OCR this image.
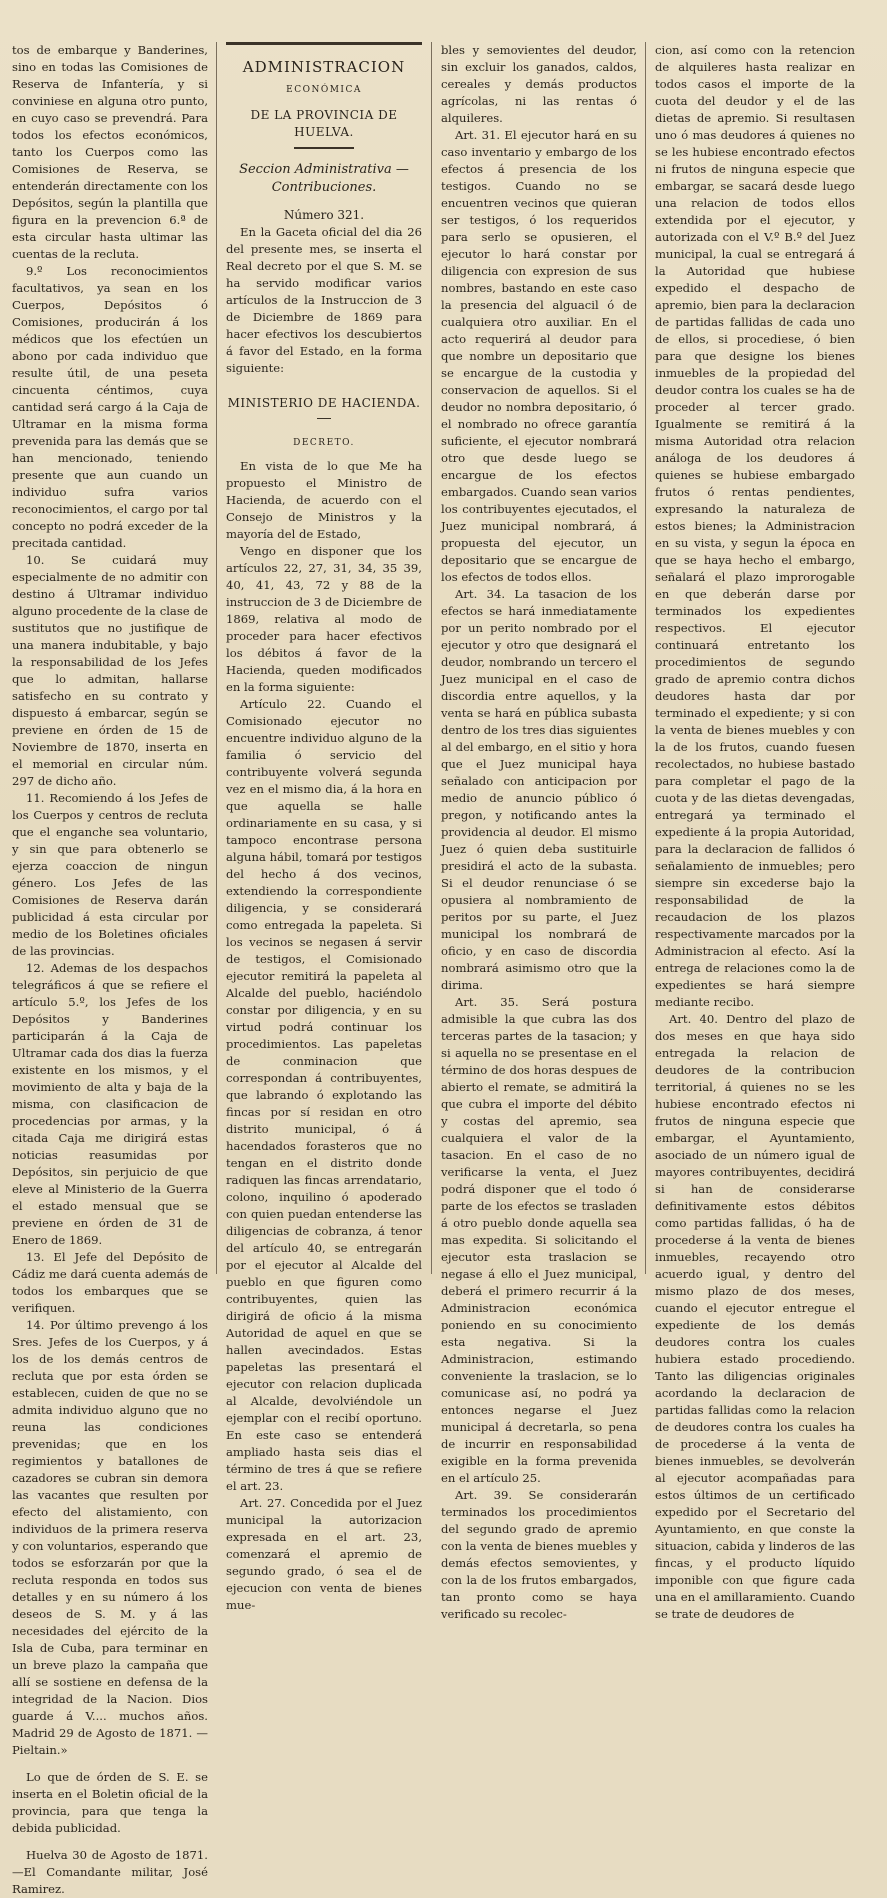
tos de embarque y Banderines, sino en todas las Comisiones de Reserva de Infantería, y si conviniese en alguna otro punto, en cuyo caso se prevendrá. Para todos los efectos económicos, tanto los Cuerpos como las Comisiones de Reserva, se entenderán directamente con los Depósitos, según la plantilla que figura en la prevencion 6.ª de esta circular hasta ultimar las cuentas de la recluta.

9.º Los reconocimientos facultativos, ya sean en los Cuerpos, Depósitos ó Comisiones, producirán á los médicos que los efectúen un abono por cada individuo que resulte útil, de una peseta cincuenta céntimos, cuya cantidad será cargo á la Caja de Ultramar en la misma forma prevenida para las demás que se han mencionado, teniendo presente que aun cuando un individuo sufra varios reconocimientos, el cargo por tal concepto no podrá exceder de la precitada cantidad.

10. Se cuidará muy especialmente de no admitir con destino á Ultramar individuo alguno procedente de la clase de sustitutos que no justifique de una manera indubitable, y bajo la responsabilidad de los Jefes que lo admitan, hallarse satisfecho en su contrato y dispuesto á embarcar, según se previene en órden de 15 de Noviembre de 1870, inserta en el memorial en circular núm. 297 de dicho año.

11. Recomiendo á los Jefes de los Cuerpos y centros de recluta que el enganche sea voluntario, y sin que para obtenerlo se ejerza coaccion de ningun género. Los Jefes de las Comisiones de Reserva darán publicidad á esta circular por medio de los Boletines oficiales de las provincias.

12. Ademas de los despachos telegráficos á que se refiere el artículo 5.º, los Jefes de los Depósitos y Banderines participarán á la Caja de Ultramar cada dos dias la fuerza existente en los mismos, y el movimiento de alta y baja de la misma, con clasificacion de procedencias por armas, y la citada Caja me dirigirá estas noticias reasumidas por Depósitos, sin perjuicio de que eleve al Ministerio de la Guerra el estado mensual que se previene en órden de 31 de Enero de 1869.

13. El Jefe del Depósito de Cádiz me dará cuenta además de todos los embarques que se verifiquen.

14. Por último prevengo á los Sres. Jefes de los Cuerpos, y á los de los demás centros de recluta que por esta órden se establecen, cuiden de que no se admita individuo alguno que no reuna las condiciones prevenidas; que en los regimientos y batallones de cazadores se cubran sin demora las vacantes que resulten por efecto del alistamiento, con individuos de la primera reserva y con voluntarios, esperando que todos se esforzarán por que la recluta responda en todos sus detalles y en su número á los deseos de S. M. y á las necesidades del ejército de la Isla de Cuba, para terminar en un breve plazo la campaña que allí se sostiene en defensa de la integridad de la Nacion. Dios guarde á V.... muchos años. Madrid 29 de Agosto de 1871. —Pieltain.»

Lo que de órden de S. E. se inserta en el Boletin oficial de la provincia, para que tenga la debida publicidad.

Huelva 30 de Agosto de 1871.—El Comandante militar, José Ramirez.

ADMINISTRACION

ECONÓMICA

DE LA PROVINCIA DE HUELVA.

Seccion Administrativa —Contribuciones.

Número 321.

En la Gaceta oficial del dia 26 del presente mes, se inserta el Real decreto por el que S. M. se ha servido modificar varios artículos de la Instruccion de 3 de Diciembre de 1869 para hacer efectivos los descubiertos á favor del Estado, en la forma siguiente:

MINISTERIO DE HACIENDA.

DECRETO.

En vista de lo que Me ha propuesto el Ministro de Hacienda, de acuerdo con el Consejo de Ministros y la mayoría del de Estado,

Vengo en disponer que los artículos 22, 27, 31, 34, 35 39, 40, 41, 43, 72 y 88 de la instruccion de 3 de Diciembre de 1869, relativa al modo de proceder para hacer efectivos los débitos á favor de la Hacienda, queden modificados en la forma siguiente:

Artículo 22. Cuando el Comisionado ejecutor no encuentre individuo alguno de la familia ó servicio del contribuyente volverá segunda vez en el mismo dia, á la hora en que aquella se halle ordinariamente en su casa, y si tampoco encontrase persona alguna hábil, tomará por testigos del hecho á dos vecinos, extendiendo la correspondiente diligencia, y se considerará como entregada la papeleta. Si los vecinos se negasen á servir de testigos, el Comisionado ejecutor remitirá la papeleta al Alcalde del pueblo, haciéndolo constar por diligencia, y en su virtud podrá continuar los procedimientos. Las papeletas de conminacion que correspondan á contribuyentes, que labrando ó explotando las fincas por sí residan en otro distrito municipal, ó á hacendados forasteros que no tengan en el distrito donde radiquen las fincas arrendatario, colono, inquilino ó apoderado con quien puedan entenderse las diligencias de cobranza, á tenor del artículo 40, se entregarán por el ejecutor al Alcalde del pueblo en que figuren como contribuyentes, quien las dirigirá de oficio á la misma Autoridad de aquel en que se hallen avecindados. Estas papeletas las presentará el ejecutor con relacion duplicada al Alcalde, devolviéndole un ejemplar con el recibí oportuno. En este caso se entenderá ampliado hasta seis dias el término de tres á que se refiere el art. 23.

Art. 27. Concedida por el Juez municipal la autorizacion expresada en el art. 23, comenzará el apremio de segundo grado, ó sea el de ejecucion con venta de bienes mue-

bles y semovientes del deudor, sin excluir los ganados, caldos, cereales y demás productos agrícolas, ni las rentas ó alquileres.

Art. 31. El ejecutor hará en su caso inventario y embargo de los efectos á presencia de los testigos. Cuando no se encuentren vecinos que quieran ser testigos, ó los requeridos para serlo se opusieren, el ejecutor lo hará constar por diligencia con expresion de sus nombres, bastando en este caso la presencia del alguacil ó de cualquiera otro auxiliar. En el acto requerirá al deudor para que nombre un depositario que se encargue de la custodia y conservacion de aquellos. Si el deudor no nombra depositario, ó el nombrado no ofrece garantía suficiente, el ejecutor nombrará otro que desde luego se encargue de los efectos embargados. Cuando sean varios los contribuyentes ejecutados, el Juez municipal nombrará, á propuesta del ejecutor, un depositario que se encargue de los efectos de todos ellos.

Art. 34. La tasacion de los efectos se hará inmediatamente por un perito nombrado por el ejecutor y otro que designará el deudor, nombrando un tercero el Juez municipal en el caso de discordia entre aquellos, y la venta se hará en pública subasta dentro de los tres dias siguientes al del embargo, en el sitio y hora que el Juez municipal haya señalado con anticipacion por medio de anuncio público ó pregon, y notificando antes la providencia al deudor. El mismo Juez ó quien deba sustituirle presidirá el acto de la subasta. Si el deudor renunciase ó se opusiera al nombramiento de peritos por su parte, el Juez municipal los nombrará de oficio, y en caso de discordia nombrará asimismo otro que la dirima.

Art. 35. Será postura admisible la que cubra las dos terceras partes de la tasacion; y si aquella no se presentase en el término de dos horas despues de abierto el remate, se admitirá la que cubra el importe del débito y costas del apremio, sea cualquiera el valor de la tasacion. En el caso de no verificarse la venta, el Juez podrá disponer que el todo ó parte de los efectos se trasladen á otro pueblo donde aquella sea mas expedita. Si solicitando el ejecutor esta traslacion se negase á ello el Juez municipal, deberá el primero recurrir á la Administracion económica poniendo en su conocimiento esta negativa. Si la Administracion, estimando conveniente la traslacion, se lo comunicase así, no podrá ya entonces negarse el Juez municipal á decretarla, so pena de incurrir en responsabilidad exigible en la forma prevenida en el artículo 25.

Art. 39. Se considerarán terminados los procedimientos del segundo grado de apremio con la venta de bienes muebles y demás efectos semovientes, y con la de los frutos embargados, tan pronto como se haya verificado su recolec-

cion, así como con la retencion de alquileres hasta realizar en todos casos el importe de la cuota del deudor y el de las dietas de apremio. Si resultasen uno ó mas deudores á quienes no se les hubiese encontrado efectos ni frutos de ninguna especie que embargar, se sacará desde luego una relacion de todos ellos extendida por el ejecutor, y autorizada con el V.º B.º del Juez municipal, la cual se entregará á la Autoridad que hubiese expedido el despacho de apremio, bien para la declaracion de partidas fallidas de cada uno de ellos, si procediese, ó bien para que designe los bienes inmuebles de la propiedad del deudor contra los cuales se ha de proceder al tercer grado. Igualmente se remitirá á la misma Autoridad otra relacion análoga de los deudores á quienes se hubiese embargado frutos ó rentas pendientes, expresando la naturaleza de estos bienes; la Administracion en su vista, y segun la época en que se haya hecho el embargo, señalará el plazo improrogable en que deberán darse por terminados los expedientes respectivos. El ejecutor continuará entretanto los procedimientos de segundo grado de apremio contra dichos deudores hasta dar por terminado el expediente; y si con la venta de bienes muebles y con la de los frutos, cuando fuesen recolectados, no hubiese bastado para completar el pago de la cuota y de las dietas devengadas, entregará ya terminado el expediente á la propia Autoridad, para la declaracion de fallidos ó señalamiento de inmuebles; pero siempre sin excederse bajo la responsabilidad de la recaudacion de los plazos respectivamente marcados por la Administracion al efecto. Así la entrega de relaciones como la de expedientes se hará siempre mediante recibo.

Art. 40. Dentro del plazo de dos meses en que haya sido entregada la relacion de deudores de la contribucion territorial, á quienes no se les hubiese encontrado efectos ni frutos de ninguna especie que embargar, el Ayuntamiento, asociado de un número igual de mayores contribuyentes, decidirá si han de considerarse definitivamente estos débitos como partidas fallidas, ó ha de procederse á la venta de bienes inmuebles, recayendo otro acuerdo igual, y dentro del mismo plazo de dos meses, cuando el ejecutor entregue el expediente de los demás deudores contra los cuales hubiera estado procediendo. Tanto las diligencias originales acordando la declaracion de partidas fallidas como la relacion de deudores contra los cuales ha de procederse á la venta de bienes inmuebles, se devolverán al ejecutor acompañadas para estos últimos de un certificado expedido por el Secretario del Ayuntamiento, en que conste la situacion, cabida y linderos de las fincas, y el producto líquido imponible con que figure cada una en el amillaramiento. Cuando se trate de deudores de
